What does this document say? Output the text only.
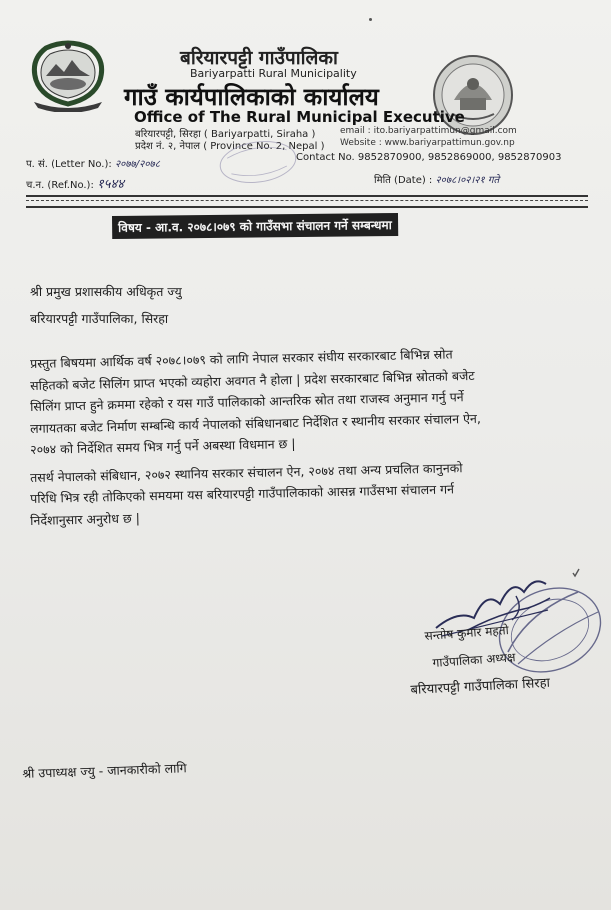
बरियारपट्टी गाउँपालिका
Bariyarpatti Rural Municipality
गाउँ कार्यपालिकाको कार्यालय
Office of The Rural Municipal Executive
बरियारपट्टी, सिरहा ( Bariyarpatti, Siraha )
प्रदेश नं. २, नेपाल ( Province No. 2, Nepal )
email : ito.bariyarpattimun@gmail.com
Website : www.bariyarpattimun.gov.np
प. सं. (Letter No.): २०७७/२०७८
च.न. (Ref.No.): १५४४
Contact No. 9852870900, 9852869000, 9852870903
मिति (Date) : २०७८।०२।२१ गते
विषय - आ.व. २०७८।०७९ को गाउँसभा संचालन गर्ने सम्बन्धमा
श्री प्रमुख प्रशासकीय अधिकृत ज्यु
बरियारपट्टी गाउँपालिका, सिरहा
प्रस्तुत बिषयमा आर्थिक वर्ष २०७८।०७९ को लागि नेपाल सरकार संघीय सरकारबाट बिभिन्न स्रोत
सहितको बजेट सिलिंग प्राप्त भएको व्यहोरा अवगत नै होला | प्रदेश सरकारबाट बिभिन्न स्रोतको बजेट
सिलिंग प्राप्त हुने क्रममा रहेको र यस गाउँ पालिकाको आन्तरिक स्रोत तथा राजस्व अनुमान गर्नु पर्ने
लगायतका बजेट निर्माण सम्बन्धि कार्य नेपालको संबिधानबाट निर्देशित र स्थानीय सरकार संचालन ऐन,
२०७४ को निर्देशित समय भित्र गर्नु पर्ने अबस्था विधमान छ |
तसर्थ नेपालको संबिधान, २०७२ स्थानिय सरकार संचालन ऐन, २०७४ तथा अन्य प्रचलित कानुनको
परिधि भित्र रही तोकिएको समयमा यस बरियारपट्टी गाउँपालिकाको आसन्न गाउँसभा संचालन गर्न
निर्देशानुसार अनुरोध छ |
सन्तोष कुमार महतो
गाउँपालिका अध्यक्ष
बरियारपट्टी गाउँपालिका सिरहा
श्री उपाध्यक्ष ज्यु - जानकारीको लागि
